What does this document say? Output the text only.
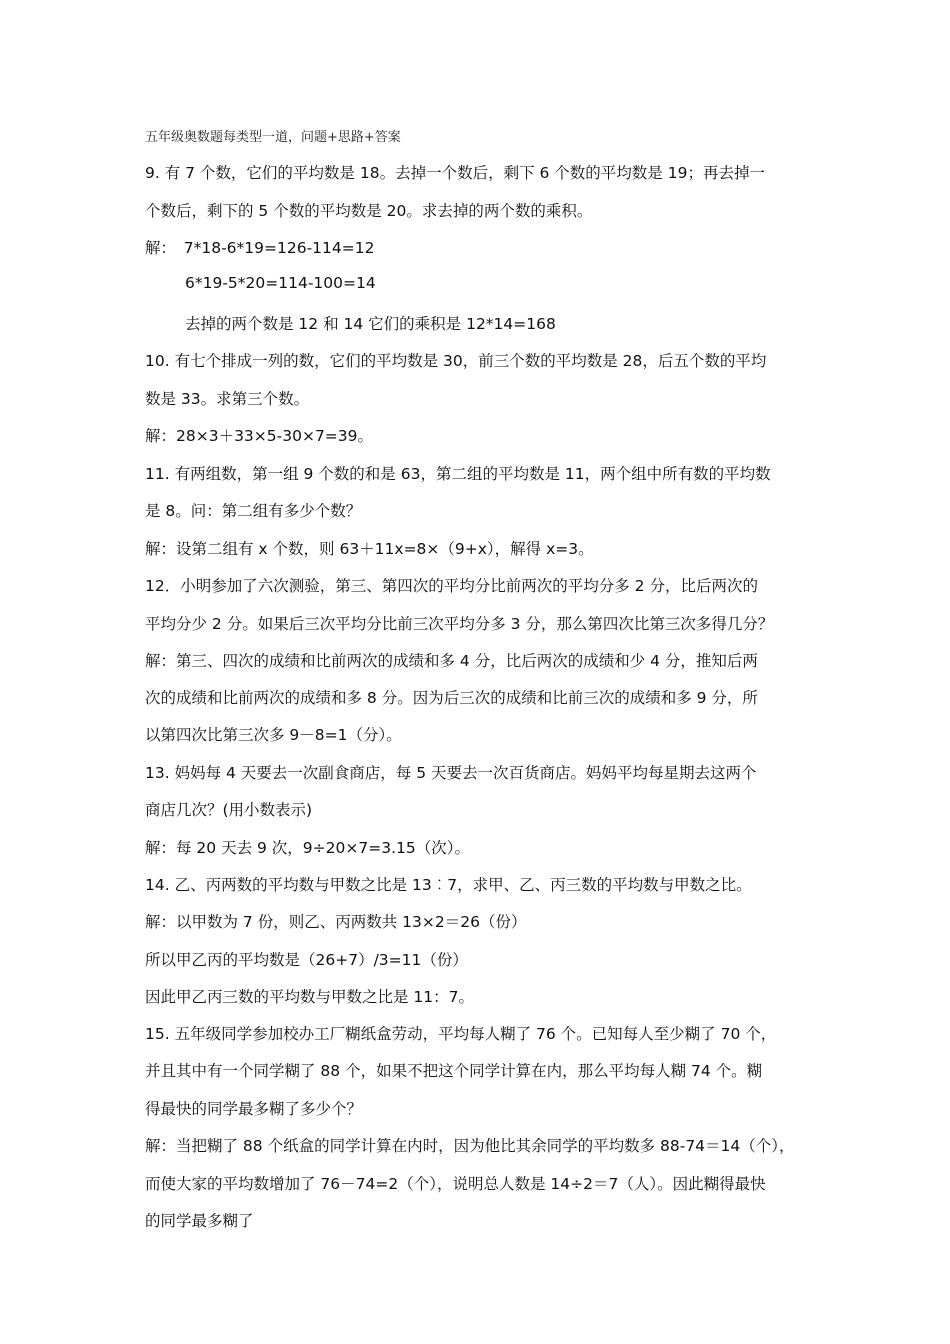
五年级奥数题每类型一道，问题+思路+答案
9. 有 7 个数，它们的平均数是 18。去掉一个数后，剩下 6 个数的平均数是 19；再去掉一
个数后，剩下的 5 个数的平均数是 20。求去掉的两个数的乘积。
解：　7*18-6*19=126-114=12
6*19-5*20=114-100=14
去掉的两个数是 12 和 14 它们的乘积是 12*14=168
10. 有七个排成一列的数，它们的平均数是 30，前三个数的平均数是 28，后五个数的平均
数是 33。求第三个数。
解：28×3＋33×5-30×7=39。
11. 有两组数，第一组 9 个数的和是 63，第二组的平均数是 11，两个组中所有数的平均数
是 8。问：第二组有多少个数？
解：设第二组有 x 个数，则 63＋11x=8×（9+x），解得 x=3。
12．小明参加了六次测验，第三、第四次的平均分比前两次的平均分多 2 分，比后两次的
平均分少 2 分。如果后三次平均分比前三次平均分多 3 分，那么第四次比第三次多得几分？
解：第三、四次的成绩和比前两次的成绩和多 4 分，比后两次的成绩和少 4 分，推知后两
次的成绩和比前两次的成绩和多 8 分。因为后三次的成绩和比前三次的成绩和多 9 分，所
以第四次比第三次多 9－8=1（分）。
13. 妈妈每 4 天要去一次副食商店，每 5 天要去一次百货商店。妈妈平均每星期去这两个
商店几次？(用小数表示)
解：每 20 天去 9 次，9÷20×7=3.15（次）。
14. 乙、丙两数的平均数与甲数之比是 13︰7，求甲、乙、丙三数的平均数与甲数之比。
解：以甲数为 7 份，则乙、丙两数共 13×2＝26（份）
所以甲乙丙的平均数是（26+7）/3=11（份）
因此甲乙丙三数的平均数与甲数之比是 11：7。
15. 五年级同学参加校办工厂糊纸盒劳动，平均每人糊了 76 个。已知每人至少糊了 70 个，
并且其中有一个同学糊了 88 个，如果不把这个同学计算在内，那么平均每人糊 74 个。糊
得最快的同学最多糊了多少个？
解：当把糊了 88 个纸盒的同学计算在内时，因为他比其余同学的平均数多 88-74＝14（个），
而使大家的平均数增加了 76－74=2（个），说明总人数是 14÷2＝7（人）。因此糊得最快
的同学最多糊了
